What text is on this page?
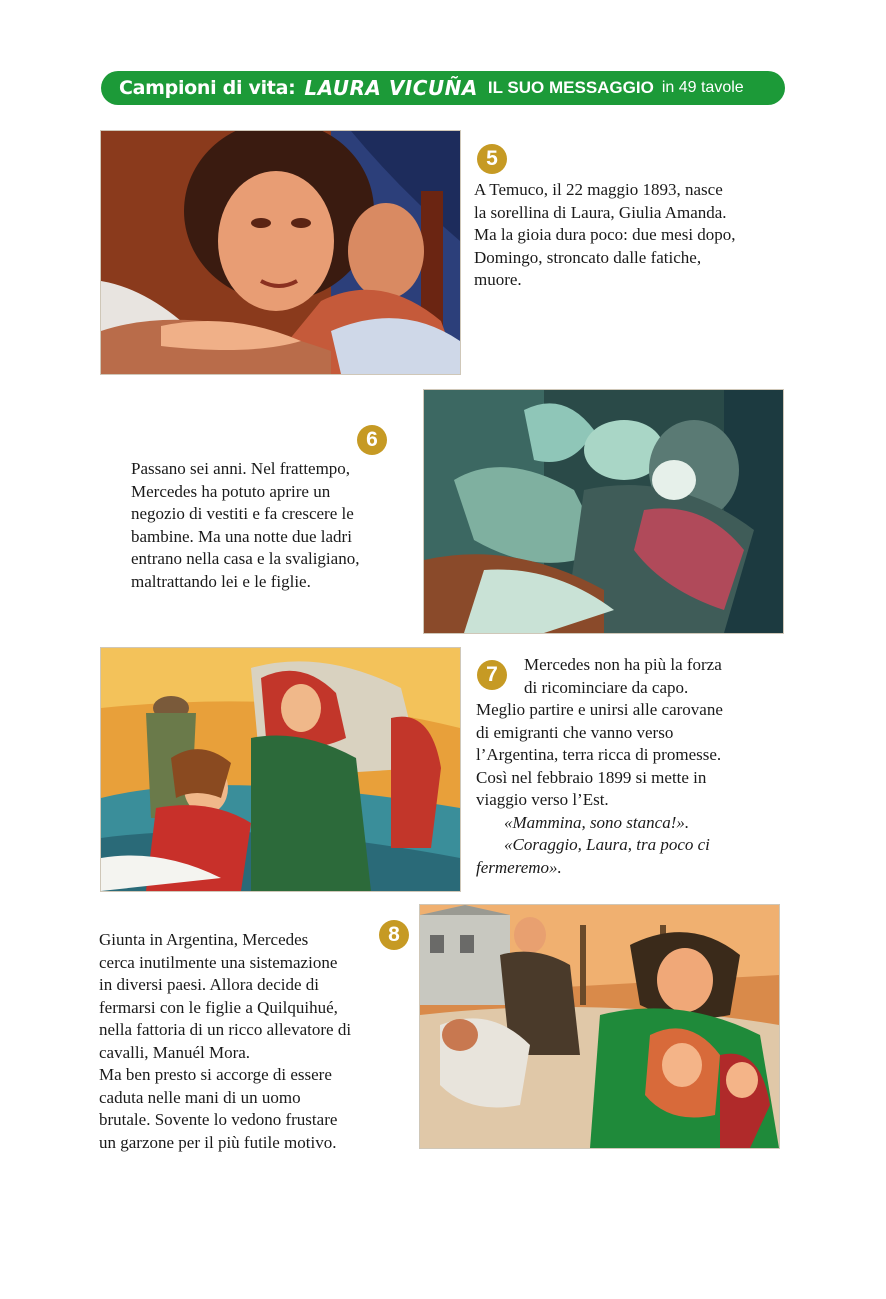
Campioni di vita: LAURA VICUÑA IL SUO MESSAGGIO in 49 tavole
5

A Temuco, il 22 maggio 1893, nasce
la sorellina di Laura, Giulia Amanda.
Ma la gioia dura poco: due mesi dopo,
Domingo, stroncato dalle fatiche,
muore.

6

Passano sei anni. Nel frattempo,
Mercedes ha potuto aprire un
negozio di vestiti e fa crescere le
bambine. Ma una notte due ladri
entrano nella casa e la svaligiano,
maltrattando lei e le figlie.

7	Mercedes non ha più la forza
di ricominciare da capo.
Meglio partire e unirsi alle carovane
di emigranti che vanno verso
l’Argentina, terra ricca di promesse.
Così nel febbraio 1899 si mette in
viaggio verso l’Est.
«Mammina, sono stanca!».
«Coraggio, Laura, tra poco ci
fermeremo».

Giunta in Argentina, Mercedes
cerca inutilmente una sistemazione
in diversi paesi. Allora decide di
fermarsi con le figlie a Quilquihué,
nella fattoria di un ricco allevatore di
cavalli, Manuél Mora.
Ma ben presto si accorge di essere
caduta nelle mani di un uomo
brutale. Sovente lo vedono frustare
un garzone per il più futile motivo.

8
